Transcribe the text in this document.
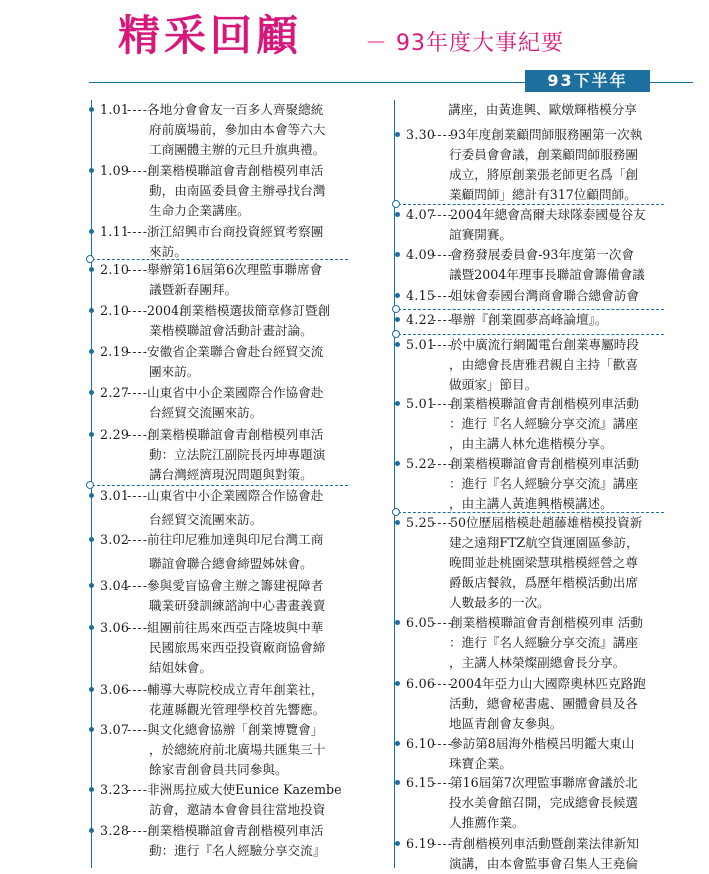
精采回顧	－ 93年度大事紀要
93下半年
1.01
----
各地分會會友一百多人齊聚總統
府前廣場前，參加由本會等六大
工商團體主辦的元旦升旗典禮。
1.09
----
創業楷模聯誼會青創楷模列車活
動，由南區委員會主辦尋找台灣
生命力企業講座。
1.11
----
浙江紹興市台商投資經貿考察團
來訪。
2.10
----
舉辦第16屆第6次理監事聯席會
議暨新春團拜。
2.10
----
2004創業楷模選拔簡章修訂暨創
業楷模聯誼會活動計畫討論。
2.19
----
安徽省企業聯合會赴台經貿交流
團來訪。
2.27
----
山東省中小企業國際合作協會赴
台經貿交流團來訪。
2.29
----
創業楷模聯誼會青創楷模列車活
動：立法院江副院長丙坤專題演
講台灣經濟現況問題與對策。
3.01
----
山東省中小企業國際合作協會赴
台經貿交流團來訪。
3.02
----
前往印尼雅加達與印尼台灣工商
聯誼會聯合總會締盟姊妹會。
3.04
----
參與愛盲協會主辦之籌建視障者
職業研發訓練諮詢中心書畫義賣
3.06
----
組團前往馬來西亞吉隆坡與中華
民國旅馬來西亞投資廠商協會締
結姐妹會。
3.06
----
輔導大專院校成立青年創業社，
花蓮縣觀光管理學校首先響應。
3.07
----
與文化總會協辦「創業博覽會」
，於總統府前北廣場共匯集三十
餘家青創會員共同參與。
3.23
----
非洲馬拉威大使Eunice Kazembe
訪會，邀請本會會員往當地投資
3.28
----
創業楷模聯誼會青創楷模列車活
動：進行『名人經驗分享交流』
講座，由黃進興、歐燉輝楷模分享
3.30
----
93年度創業顧問師服務團第一次執
行委員會會議，創業顧問師服務團
成立，將原創業張老師更名爲「創
業顧問師」總計有317位顧問師。
4.07
----
2004年總會高爾夫球隊泰國曼谷友
誼賽開賽。
4.09
----
會務發展委員會-93年度第一次會
議暨2004年理事長聯誼會籌備會議
4.15
----
姐妹會泰國台灣商會聯合總會訪會
4.22
----
舉辦『創業圓夢高峰論壇』。
5.01
----
於中廣流行網闔電台創業專屬時段
，由總會長唐雅君親自主持「歡喜
做頭家」節目。
5.01
----
創業楷模聯誼會青創楷模列車活動
：進行『名人經驗分享交流』講座
，由主講人林允進楷模分享。
5.22
----
創業楷模聯誼會青創楷模列車活動
：進行『名人經驗分享交流』講座
，由主講人黃進興楷模講述。
5.25
----
50位歷屆楷模赴趙藤雄楷模投資新
建之遠翔FTZ航空貨運園區參訪，
晚間並赴桃園梁慧琪楷模經營之尊
爵飯店餐敘，爲歷年楷模活動出席
人數最多的一次。
6.05
----
創業楷模聯誼會青創楷模列車 活動
：進行『名人經驗分享交流』講座
，主講人林榮燦副總會長分享。
6.06
----
2004年亞力山大國際奧林匹克路跑
活動，總會秘書處、團體會員及各
地區青創會友參與。
6.10
----
參訪第8屆海外楷模呂明鑑大東山
珠寶企業。
6.15
----
第16屆第7次理監事聯席會議於北
投水美會館召開，完成總會長候選
人推薦作業。
6.19
----
青創楷模列車活動暨創業法律新知
演講，由本會監事會召集人王堯倫
